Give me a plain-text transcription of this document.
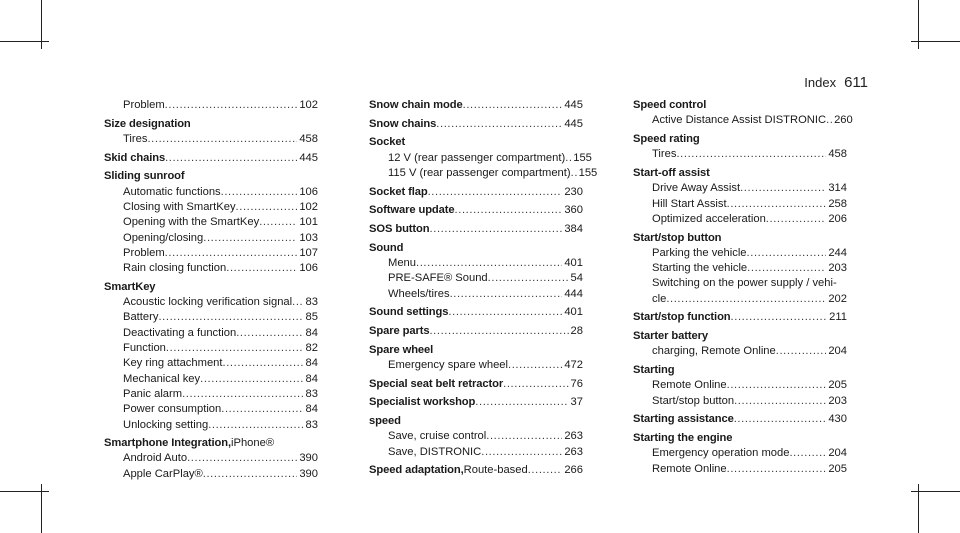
Index 611
Problem .....	102
Size designation
Tires .....	458
Skid chains .....	445
Sliding sunroof
Automatic functions .....	106
Closing with SmartKey .....	102
Opening with the SmartKey .....	101
Opening/closing .....	103
Problem .....	107
Rain closing function .....	106
SmartKey
Acoustic locking verification signal ..... 83
Battery .....	85
Deactivating a function .....	84
Function .....	82
Key ring attachment .....	84
Mechanical key .....	84
Panic alarm .....	83
Power consumption .....	84
Unlocking setting .....	83
Smartphone Integration, iPhone®
Android Auto .....	390
Apple CarPlay® .....	390
Snow chain mode .....	445
Snow chains .....	445
Socket
12 V (rear passenger compartment) ..... 155
115 V (rear passenger compartment) ..... 155
Socket flap .....	230
Software update .....	360
SOS button .....	384
Sound
Menu .....	401
PRE-SAFE® Sound .....	54
Wheels/tires .....	444
Sound settings .....	401
Spare parts .....	28
Spare wheel
Emergency spare wheel .....	472
Special seat belt retractor .....	76
Specialist workshop .....	37
speed
Save, cruise control .....	263
Save, DISTRONIC .....	263
Speed adaptation, Route-based .....	266
Speed control
Active Distance Assist DISTRONIC ..... 260
Speed rating
Tires .....	458
Start-off assist
Drive Away Assist .....	314
Hill Start Assist .....	258
Optimized acceleration .....	206
Start/stop button
Parking the vehicle .....	244
Starting the vehicle .....	203
Switching on the power supply / vehi-
cle .....	202
Start/stop function .....	211
Starter battery
charging, Remote Online .....	204
Starting
Remote Online .....	205
Start/stop button .....	203
Starting assistance .....	430
Starting the engine
Emergency operation mode .....	204
Remote Online .....	205
